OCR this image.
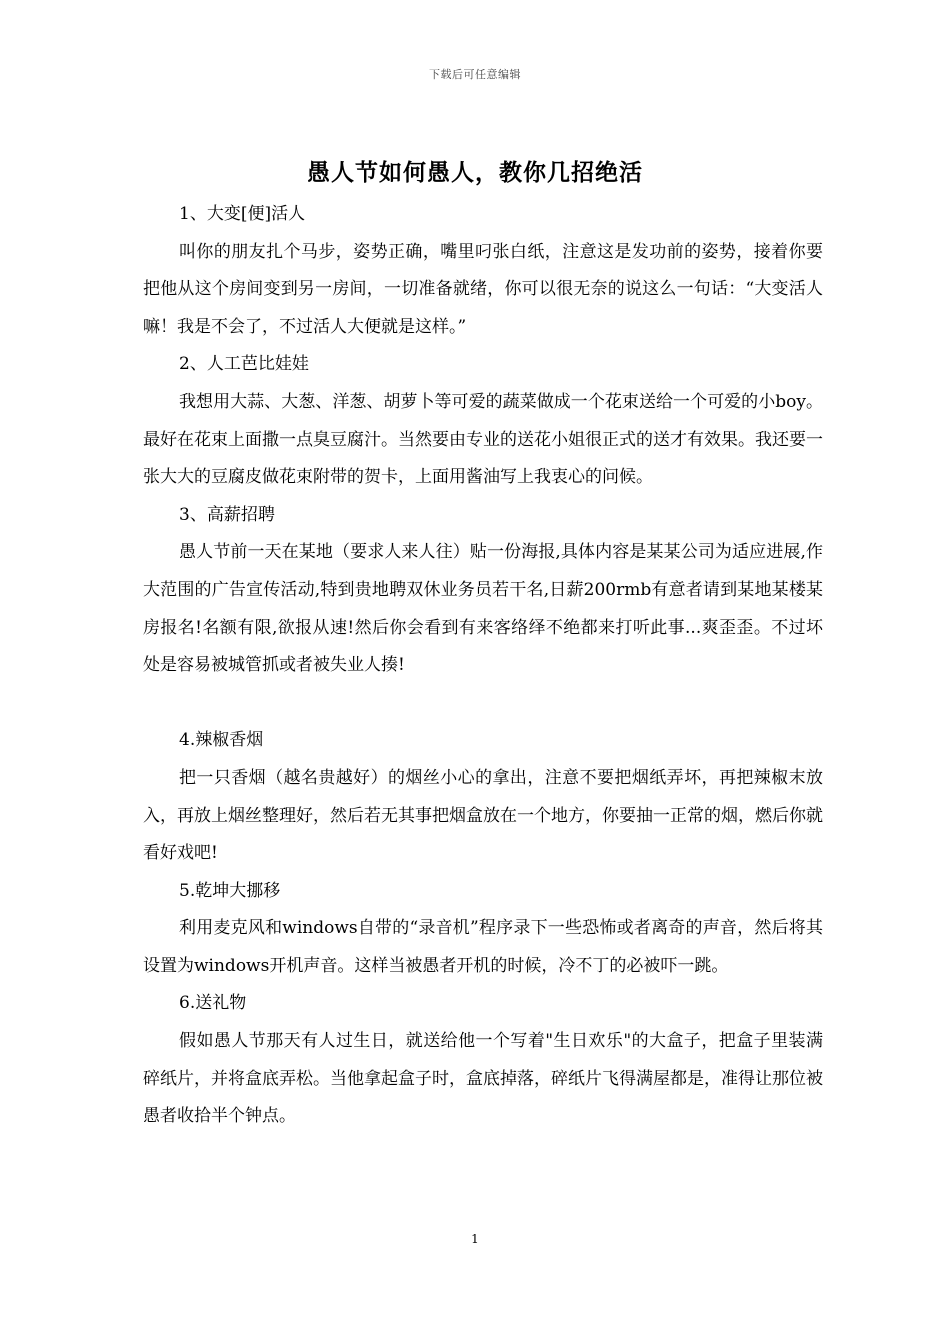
下载后可任意编辑
愚人节如何愚人，教你几招绝活

1、大变[便]活人

叫你的朋友扎个马步，姿势正确，嘴里叼张白纸，注意这是发功前的姿势，接着你要把他从这个房间变到另一房间，一切准备就绪，你可以很无奈的说这么一句话：“大变活人嘛！我是不会了，不过活人大便就是这样。”

2、人工芭比娃娃

我想用大蒜、大葱、洋葱、胡萝卜等可爱的蔬菜做成一个花束送给一个可爱的小boy。最好在花束上面撒一点臭豆腐汁。当然要由专业的送花小姐很正式的送才有效果。我还要一张大大的豆腐皮做花束附带的贺卡，上面用酱油写上我衷心的问候。

3、高薪招聘

愚人节前一天在某地（要求人来人往）贴一份海报,具体内容是某某公司为适应进展,作大范围的广告宣传活动,特到贵地聘双休业务员若干名,日薪200rmb有意者请到某地某楼某房报名!名额有限,欲报从速!然后你会看到有来客络绎不绝都来打听此事...爽歪歪。不过坏处是容易被城管抓或者被失业人揍!

4.辣椒香烟

把一只香烟（越名贵越好）的烟丝小心的拿出，注意不要把烟纸弄坏，再把辣椒末放入，再放上烟丝整理好，然后若无其事把烟盒放在一个地方，你要抽一正常的烟，燃后你就看好戏吧!

5.乾坤大挪移

利用麦克风和windows自带的“录音机”程序录下一些恐怖或者离奇的声音，然后将其设置为windows开机声音。这样当被愚者开机的时候，冷不丁的必被吓一跳。

6.送礼物

假如愚人节那天有人过生日，就送给他一个写着"生日欢乐"的大盒子，把盒子里装满碎纸片，并将盒底弄松。当他拿起盒子时，盒底掉落，碎纸片飞得满屋都是，准得让那位被愚者收拾半个钟点。

1
